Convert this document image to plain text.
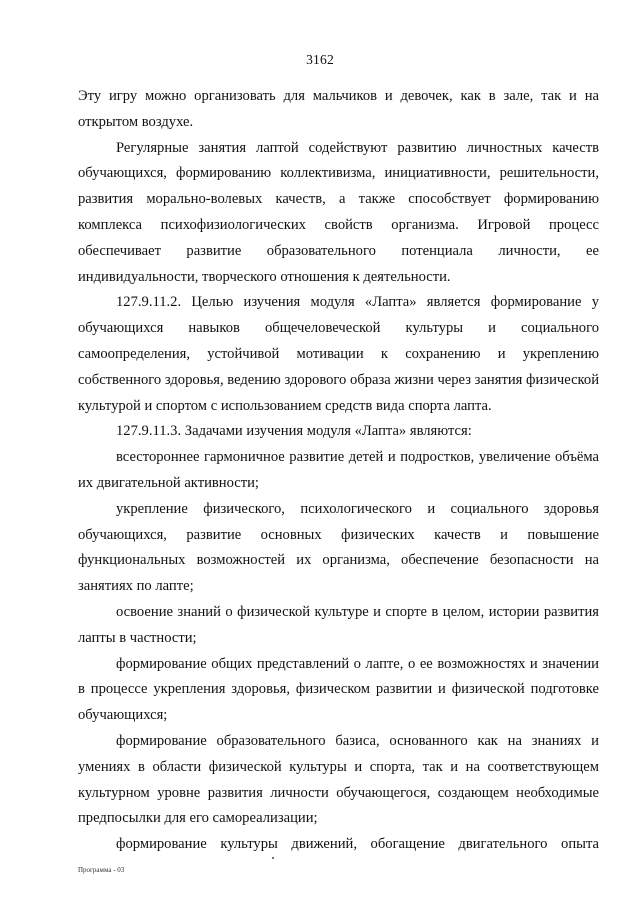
3162

Эту игру можно организовать для мальчиков и девочек, как в зале, так и на открытом воздухе.

Регулярные занятия лаптой содействуют развитию личностных качеств обучающихся, формированию коллективизма, инициативности, решительности, развития морально-волевых качеств, а также способствует формированию комплекса психофизиологических свойств организма. Игровой процесс обеспечивает развитие образовательного потенциала личности, ее индивидуальности, творческого отношения к деятельности.

127.9.11.2. Целью изучения модуля «Лапта» является формирование у обучающихся навыков общечеловеческой культуры и социального самоопределения, устойчивой мотивации к сохранению и укреплению собственного здоровья, ведению здорового образа жизни через занятия физической культурой и спортом с использованием средств вида спорта лапта.

127.9.11.3. Задачами изучения модуля «Лапта» являются:

всестороннее гармоничное развитие детей и подростков, увеличение объёма их двигательной активности;

укрепление физического, психологического и социального здоровья обучающихся, развитие основных физических качеств и повышение функциональных возможностей их организма, обеспечение безопасности на занятиях по лапте;

освоение знаний о физической культуре и спорте в целом, истории развития лапты в частности;

формирование общих представлений о лапте, о ее возможностях и значении в процессе укрепления здоровья, физическом развитии и физической подготовке обучающихся;

формирование образовательного базиса, основанного как на знаниях и умениях в области физической культуры и спорта, так и на соответствующем культурном уровне развития личности обучающегося, создающем необходимые предпосылки для его самореализации;

формирование культуры движений, обогащение двигательного опыта

Программа - 03
